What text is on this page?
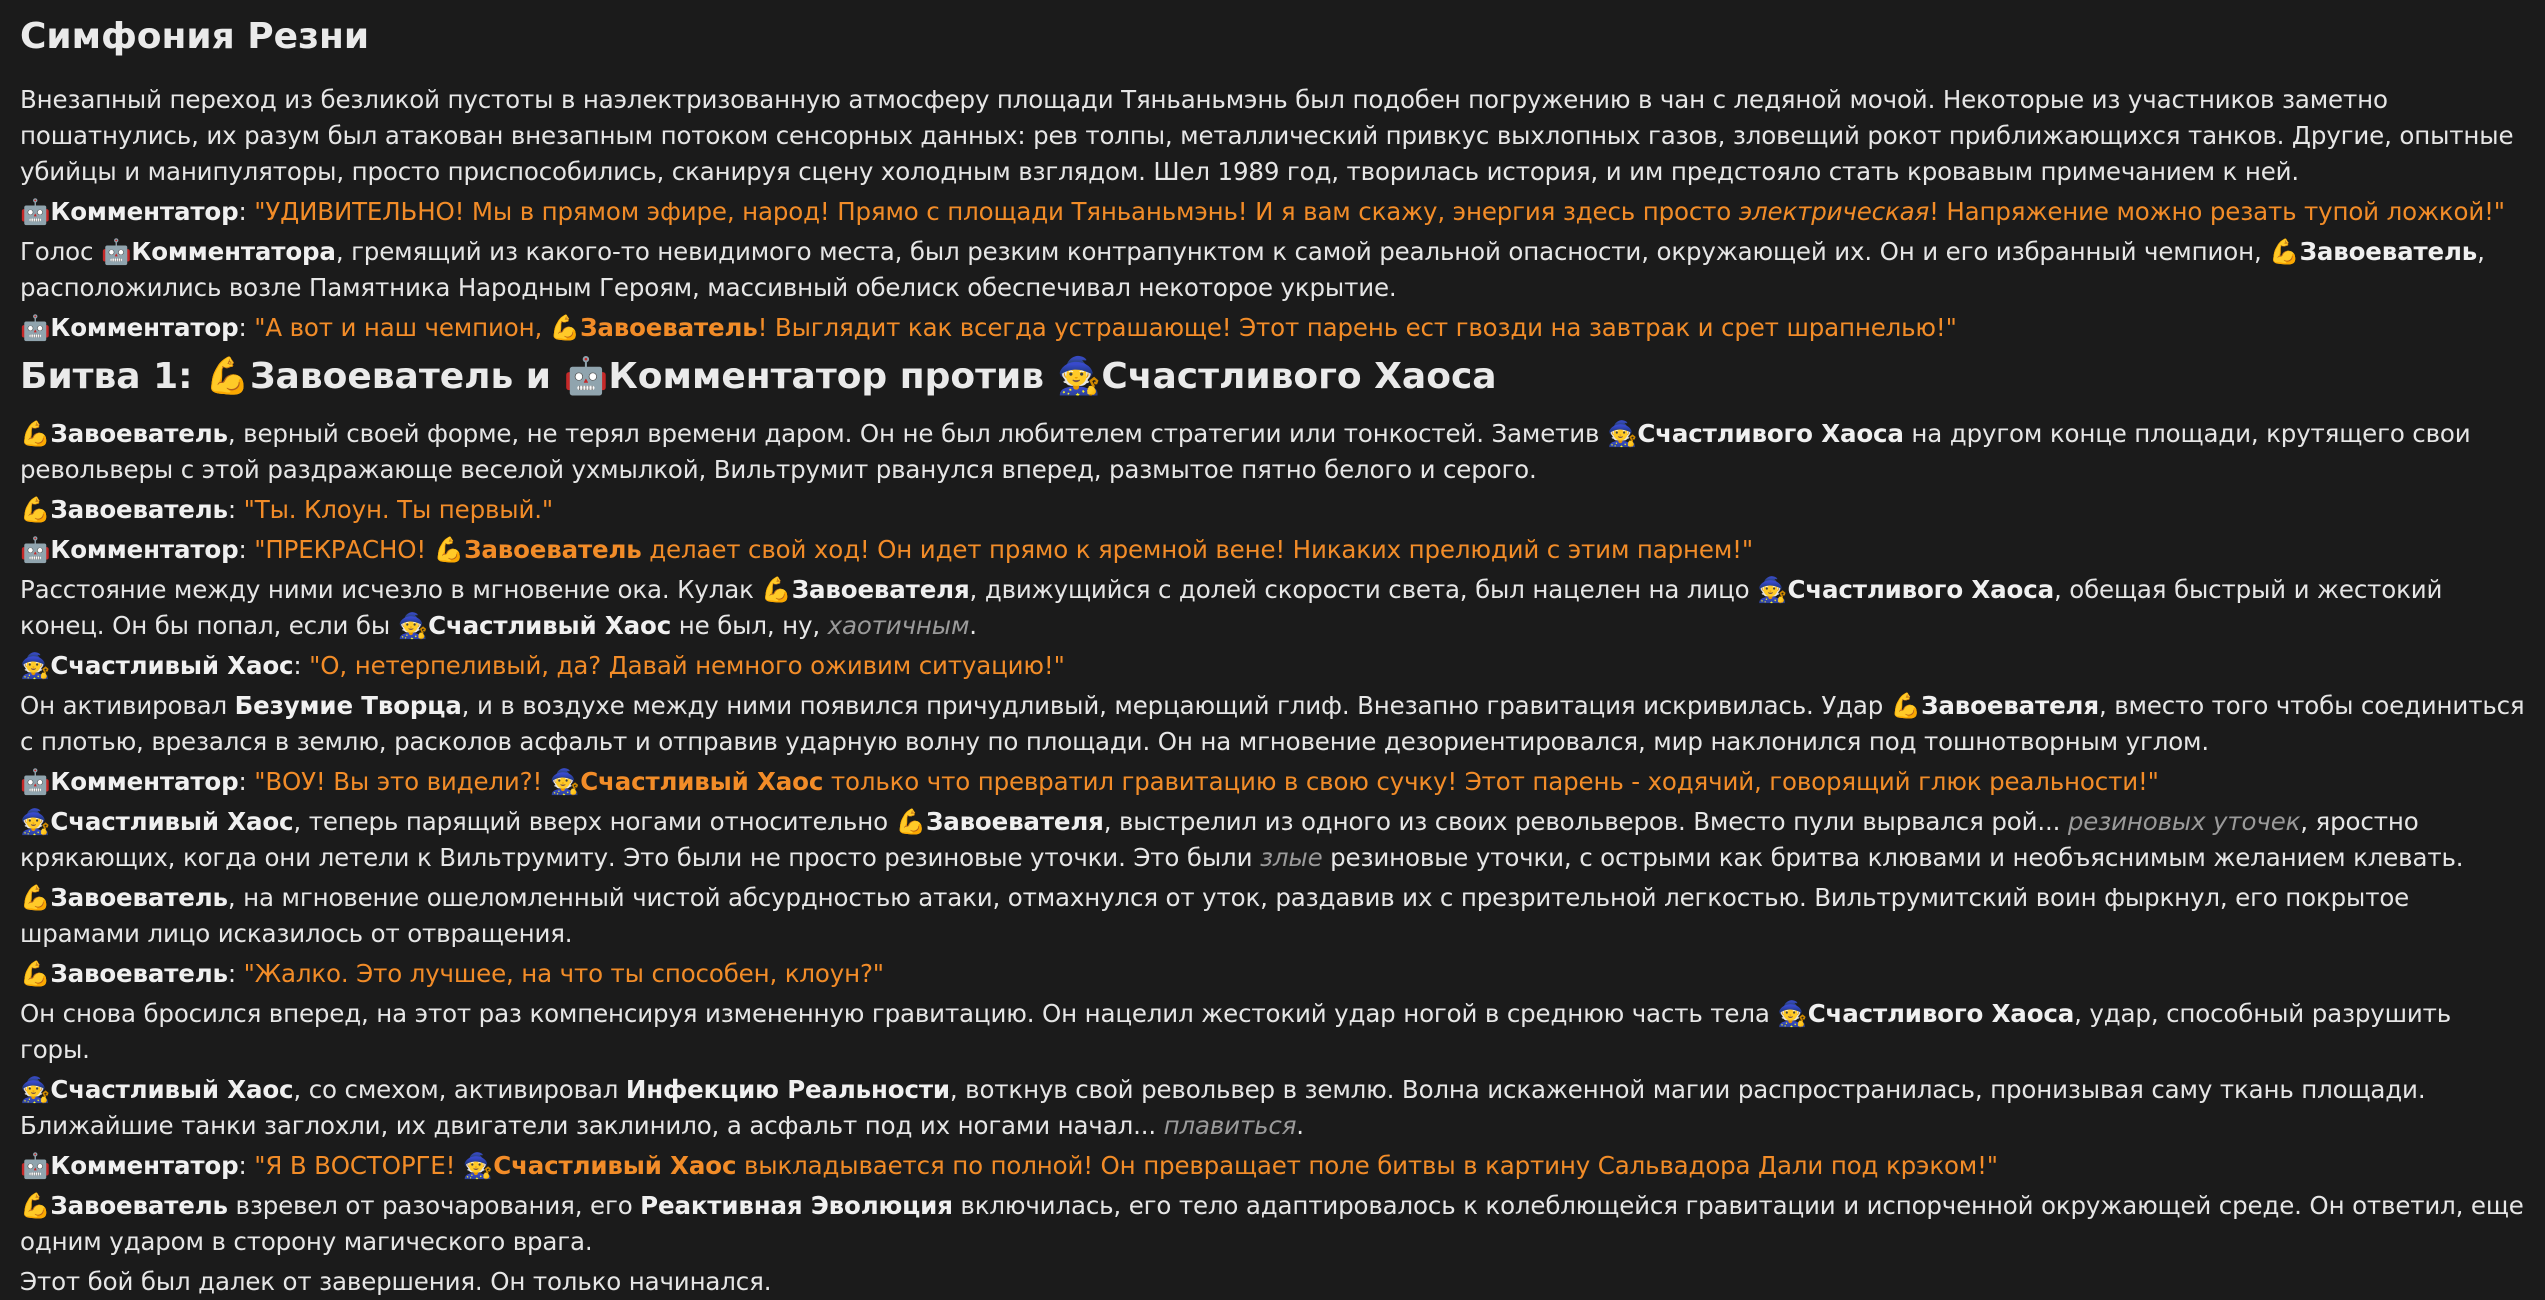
Симфония Резни

Внезапный переход из безликой пустоты в наэлектризованную атмосферу площади Тяньаньмэнь был подобен погружению в чан с ледяной мочой. Некоторые из участников заметно пошатнулись, их разум был атакован внезапным потоком сенсорных данных: рев толпы, металлический привкус выхлопных газов, зловещий рокот приближающихся танков. Другие, опытные убийцы и манипуляторы, просто приспособились, сканируя сцену холодным взглядом. Шел 1989 год, творилась история, и им предстояло стать кровавым примечанием к ней.

🤖Комментатор: "УДИВИТЕЛЬНО! Мы в прямом эфире, народ! Прямо с площади Тяньаньмэнь! И я вам скажу, энергия здесь просто электрическая! Напряжение можно резать тупой ложкой!"

Голос 🤖Комментатора, гремящий из какого-то невидимого места, был резким контрапунктом к самой реальной опасности, окружающей их. Он и его избранный чемпион, 💪Завоеватель, расположились возле Памятника Народным Героям, массивный обелиск обеспечивал некоторое укрытие.

🤖Комментатор: "А вот и наш чемпион, 💪Завоеватель! Выглядит как всегда устрашающе! Этот парень ест гвозди на завтрак и срет шрапнелью!"

Битва 1: 💪Завоеватель и 🤖Комментатор против 🧙Счастливого Хаоса

💪Завоеватель, верный своей форме, не терял времени даром. Он не был любителем стратегии или тонкостей. Заметив 🧙Счастливого Хаоса на другом конце площади, крутящего свои револьверы с этой раздражающе веселой ухмылкой, Вильтрумит рванулся вперед, размытое пятно белого и серого.

💪Завоеватель: "Ты. Клоун. Ты первый."

🤖Комментатор: "ПРЕКРАСНО! 💪Завоеватель делает свой ход! Он идет прямо к яремной вене! Никаких прелюдий с этим парнем!"

Расстояние между ними исчезло в мгновение ока. Кулак 💪Завоевателя, движущийся с долей скорости света, был нацелен на лицо 🧙Счастливого Хаоса, обещая быстрый и жестокий конец. Он бы попал, если бы 🧙Счастливый Хаос не был, ну, хаотичным.

🧙Счастливый Хаос: "О, нетерпеливый, да? Давай немного оживим ситуацию!"

Он активировал Безумие Творца, и в воздухе между ними появился причудливый, мерцающий глиф. Внезапно гравитация искривилась. Удар 💪Завоевателя, вместо того чтобы соединиться с плотью, врезался в землю, расколов асфальт и отправив ударную волну по площади. Он на мгновение дезориентировался, мир наклонился под тошнотворным углом.

🤖Комментатор: "ВОУ! Вы это видели?! 🧙Счастливый Хаос только что превратил гравитацию в свою сучку! Этот парень - ходячий, говорящий глюк реальности!"

🧙Счастливый Хаос, теперь парящий вверх ногами относительно 💪Завоевателя, выстрелил из одного из своих револьверов. Вместо пули вырвался рой... резиновых уточек, яростно крякающих, когда они летели к Вильтрумиту. Это были не просто резиновые уточки. Это были злые резиновые уточки, с острыми как бритва клювами и необъяснимым желанием клевать.

💪Завоеватель, на мгновение ошеломленный чистой абсурдностью атаки, отмахнулся от уток, раздавив их с презрительной легкостью. Вильтрумитский воин фыркнул, его покрытое шрамами лицо исказилось от отвращения.

💪Завоеватель: "Жалко. Это лучшее, на что ты способен, клоун?"

Он снова бросился вперед, на этот раз компенсируя измененную гравитацию. Он нацелил жестокий удар ногой в среднюю часть тела 🧙Счастливого Хаоса, удар, способный разрушить горы.

🧙Счастливый Хаос, со смехом, активировал Инфекцию Реальности, воткнув свой револьвер в землю. Волна искаженной магии распространилась, пронизывая саму ткань площади. Ближайшие танки заглохли, их двигатели заклинило, а асфальт под их ногами начал... плавиться.

🤖Комментатор: "Я В ВОСТОРГЕ! 🧙Счастливый Хаос выкладывается по полной! Он превращает поле битвы в картину Сальвадора Дали под крэком!"

💪Завоеватель взревел от разочарования, его Реактивная Эволюция включилась, его тело адаптировалось к колеблющейся гравитации и испорченной окружающей среде. Он ответил, еще одним ударом в сторону магического врага.

Этот бой был далек от завершения. Он только начинался.
